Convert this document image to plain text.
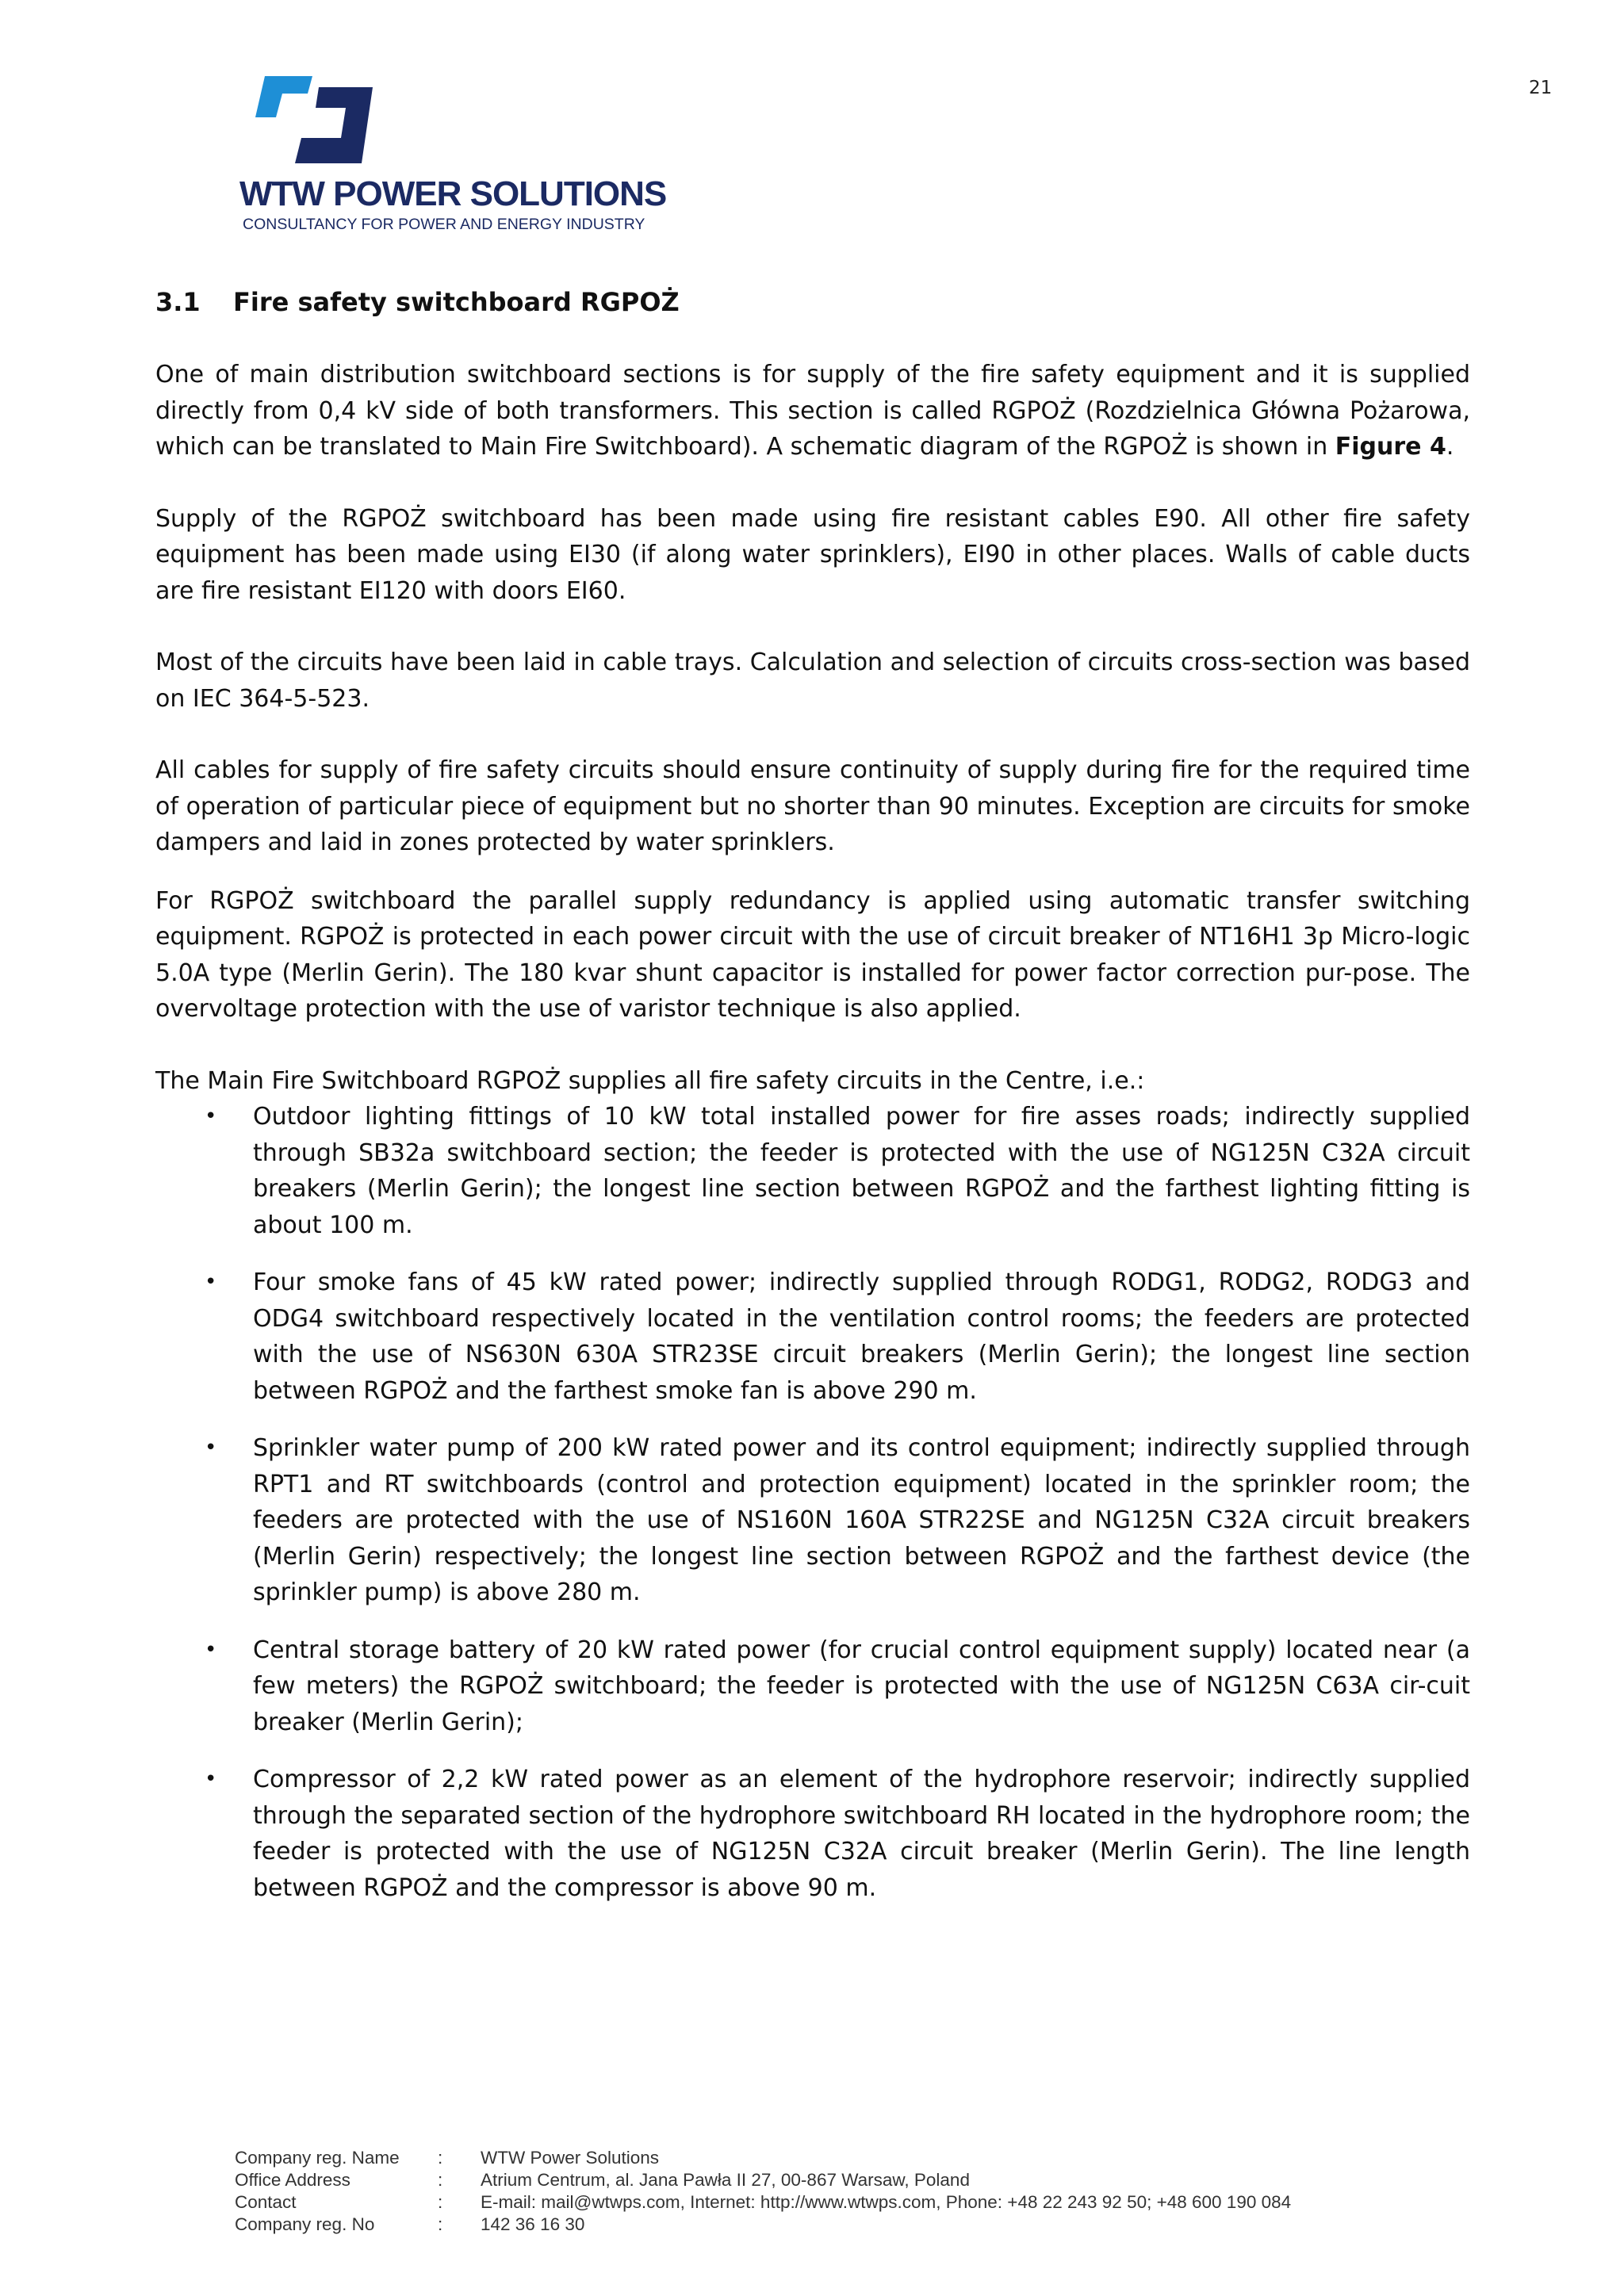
21
WTW POWER SOLUTIONS
CONSULTANCY FOR POWER AND ENERGY INDUSTRY
3.1 Fire safety switchboard RGPOŻ

One of main distribution switchboard sections is for supply of the fire safety equipment and it is supplied directly from 0,4 kV side of both transformers. This section is called RGPOŻ (Rozdzielnica Główna Pożarowa, which can be translated to Main Fire Switchboard). A schematic diagram of the RGPOŻ is shown in Figure 4.

Supply of the RGPOŻ switchboard has been made using fire resistant cables E90. All other fire safety equipment has been made using EI30 (if along water sprinklers), EI90 in other places. Walls of cable ducts are fire resistant EI120 with doors EI60.

Most of the circuits have been laid in cable trays. Calculation and selection of circuits cross-section was based on IEC 364-5-523.

All cables for supply of fire safety circuits should ensure continuity of supply during fire for the required time of operation of particular piece of equipment but no shorter than 90 minutes. Exception are circuits for smoke dampers and laid in zones protected by water sprinklers.

For RGPOŻ switchboard the parallel supply redundancy is applied using automatic transfer switching equipment. RGPOŻ is protected in each power circuit with the use of circuit breaker of NT16H1 3p Micro-logic 5.0A type (Merlin Gerin). The 180 kvar shunt capacitor is installed for power factor correction pur-pose. The overvoltage protection with the use of varistor technique is also applied.

The Main Fire Switchboard RGPOŻ supplies all fire safety circuits in the Centre, i.e.:

• Outdoor lighting fittings of 10 kW total installed power for fire asses roads; indirectly supplied through SB32a switchboard section; the feeder is protected with the use of NG125N C32A circuit breakers (Merlin Gerin); the longest line section between RGPOŻ and the farthest lighting fitting is about 100 m.
• Four smoke fans of 45 kW rated power; indirectly supplied through RODG1, RODG2, RODG3 and ODG4 switchboard respectively located in the ventilation control rooms; the feeders are protected with the use of NS630N 630A STR23SE circuit breakers (Merlin Gerin); the longest line section between RGPOŻ and the farthest smoke fan is above 290 m.
• Sprinkler water pump of 200 kW rated power and its control equipment; indirectly supplied through RPT1 and RT switchboards (control and protection equipment) located in the sprinkler room; the feeders are protected with the use of NS160N 160A STR22SE and NG125N C32A circuit breakers (Merlin Gerin) respectively; the longest line section between RGPOŻ and the farthest device (the sprinkler pump) is above 280 m.
• Central storage battery of 20 kW rated power (for crucial control equipment supply) located near (a few meters) the RGPOŻ switchboard; the feeder is protected with the use of NG125N C63A cir-cuit breaker (Merlin Gerin);
• Compressor of 2,2 kW rated power as an element of the hydrophore reservoir; indirectly supplied through the separated section of the hydrophore switchboard RH located in the hydrophore room; the feeder is protected with the use of NG125N C32A circuit breaker (Merlin Gerin). The line length between RGPOŻ and the compressor is above 90 m.
Company reg. Name	:	WTW Power Solutions
Office Address	:	Atrium Centrum, al. Jana Pawła II 27, 00-867 Warsaw, Poland
Contact	:	E-mail: mail@wtwps.com, Internet: http://www.wtwps.com, Phone: +48 22 243 92 50; +48 600 190 084
Company reg. No	:	142 36 16 30
